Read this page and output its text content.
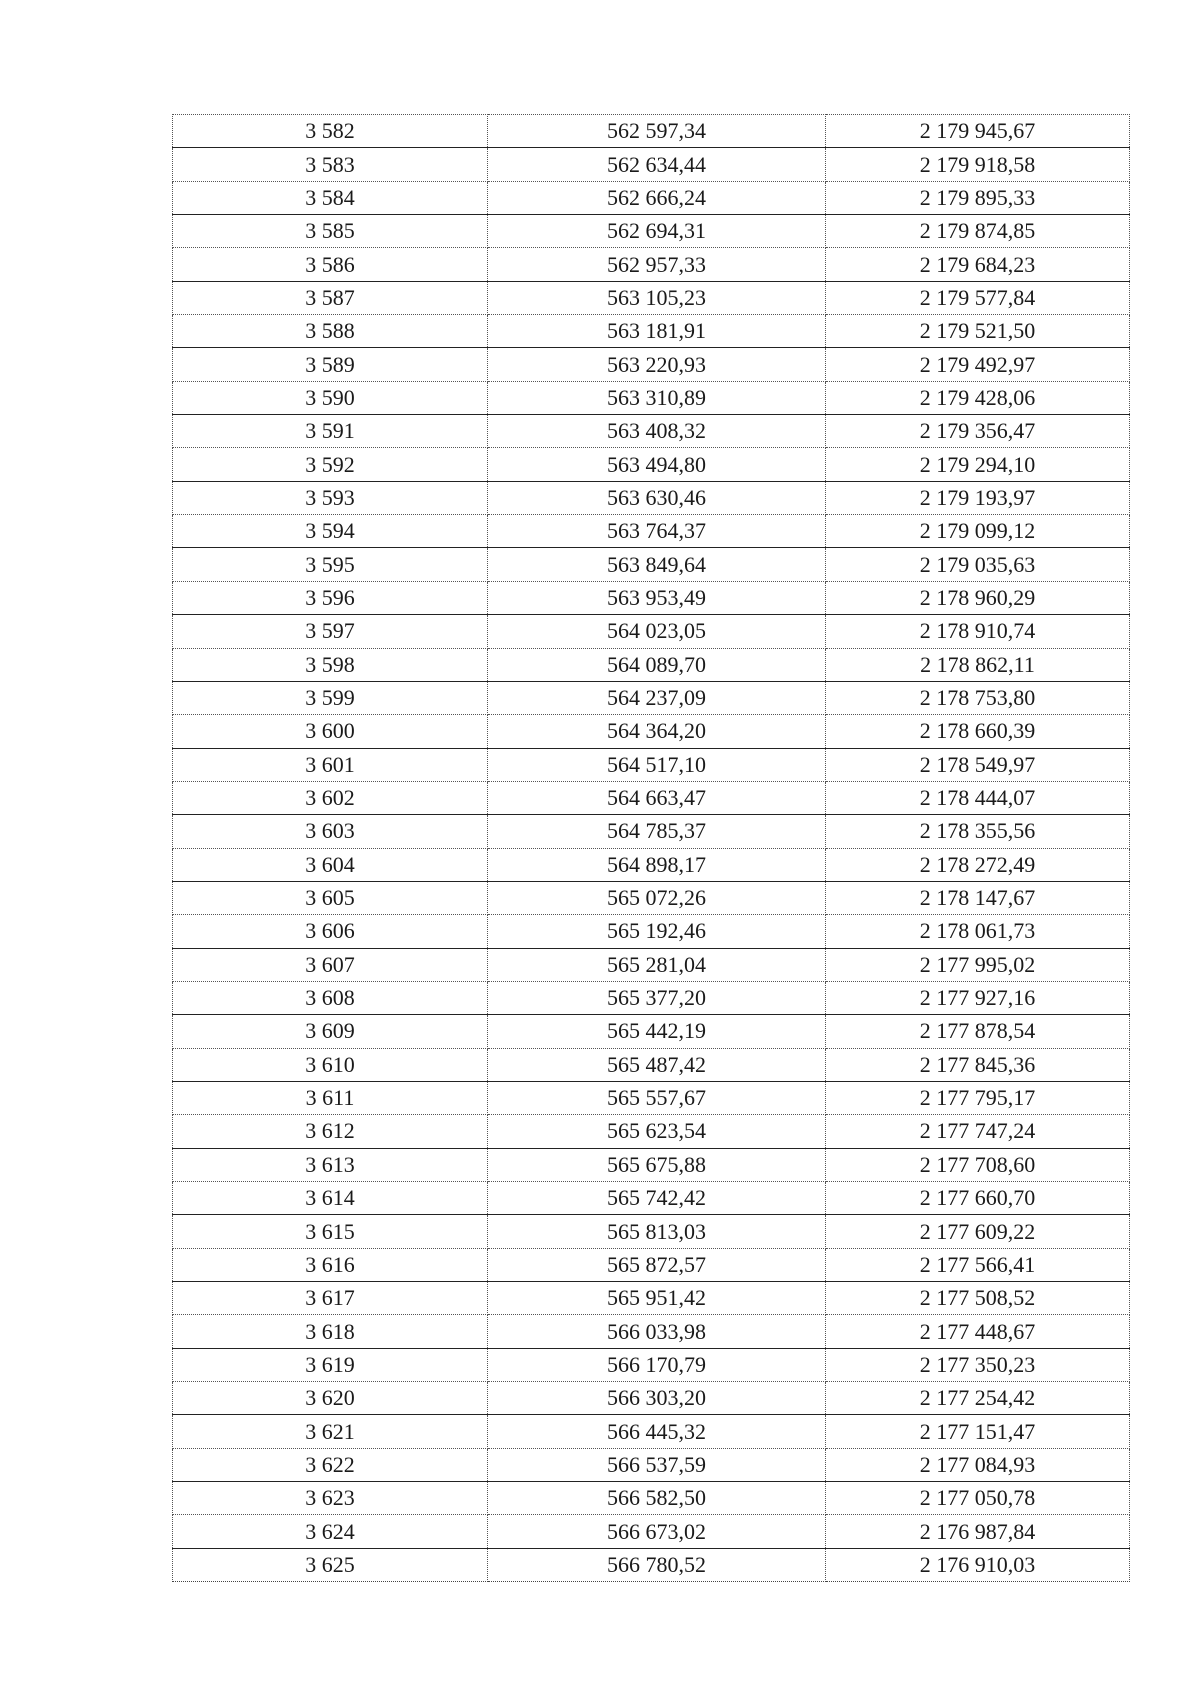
3 582	562 597,34	2 179 945,67
3 583	562 634,44	2 179 918,58
3 584	562 666,24	2 179 895,33
3 585	562 694,31	2 179 874,85
3 586	562 957,33	2 179 684,23
3 587	563 105,23	2 179 577,84
3 588	563 181,91	2 179 521,50
3 589	563 220,93	2 179 492,97
3 590	563 310,89	2 179 428,06
3 591	563 408,32	2 179 356,47
3 592	563 494,80	2 179 294,10
3 593	563 630,46	2 179 193,97
3 594	563 764,37	2 179 099,12
3 595	563 849,64	2 179 035,63
3 596	563 953,49	2 178 960,29
3 597	564 023,05	2 178 910,74
3 598	564 089,70	2 178 862,11
3 599	564 237,09	2 178 753,80
3 600	564 364,20	2 178 660,39
3 601	564 517,10	2 178 549,97
3 602	564 663,47	2 178 444,07
3 603	564 785,37	2 178 355,56
3 604	564 898,17	2 178 272,49
3 605	565 072,26	2 178 147,67
3 606	565 192,46	2 178 061,73
3 607	565 281,04	2 177 995,02
3 608	565 377,20	2 177 927,16
3 609	565 442,19	2 177 878,54
3 610	565 487,42	2 177 845,36
3 611	565 557,67	2 177 795,17
3 612	565 623,54	2 177 747,24
3 613	565 675,88	2 177 708,60
3 614	565 742,42	2 177 660,70
3 615	565 813,03	2 177 609,22
3 616	565 872,57	2 177 566,41
3 617	565 951,42	2 177 508,52
3 618	566 033,98	2 177 448,67
3 619	566 170,79	2 177 350,23
3 620	566 303,20	2 177 254,42
3 621	566 445,32	2 177 151,47
3 622	566 537,59	2 177 084,93
3 623	566 582,50	2 177 050,78
3 624	566 673,02	2 176 987,84
3 625	566 780,52	2 176 910,03
